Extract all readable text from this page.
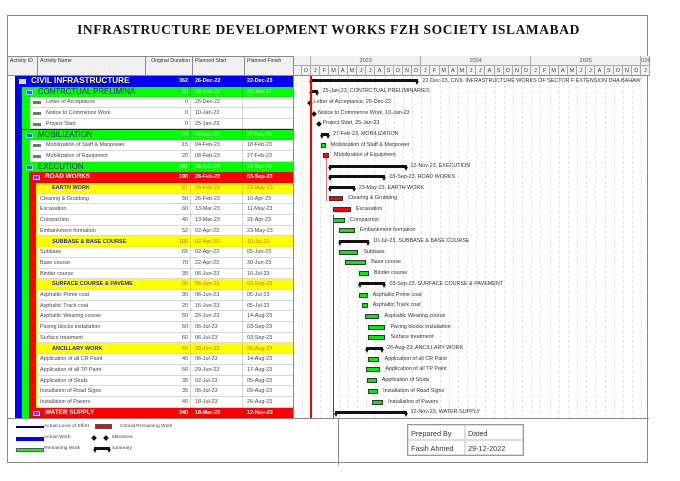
INFRASTRUCTURE DEVELOPMENT WORKS FZH SOCIETY ISLAMABAD
Activity ID	Activity Name	Original Duration Planned Start	Planned Finish
CIVIL INFRASTRUCTURE	362	26-Dec-22	22-Dec-23
CONTRCTUAL PRELIMINA	30	26-Dec-22	25-Jan-23
Letter of Acceptance	0	26-Dec-22
Notice to Commence Work	0	10-Jan-23
Project Start	0	25-Jan-23
MOBILIZATION	24	04-Feb-23	27-Feb-23
Mobilization of Staff & Manpower	15	04-Feb-23	18-Feb-23
Mobilization of Equipment	20	08-Feb-23	27-Feb-23
EXECUTION	260	26-Feb-23	12-Nov-23
ROAD WORKS	190	26-Feb-23	03-Sep-23
EARTH WORK	87	26-Feb-23	23-May-23
Clearing & Grubbing	50	26-Feb-23	16-Apr-23
Excavation	60	13-Mar-23	11-May-23
Compaction	40	13-Mar-23	21-Apr-23
Embankment formation	52	02-Apr-23	23-May-23
SUBBASE & BASE COURSE	100	02-Apr-23	10-Jul-23
Subbase	65	02-Apr-23	05-Jun-23
Base course	70	22-Apr-23	30-Jun-23
Binder course	35	06-Jun-23	10-Jul-23
SURFACE COURSE & PAVEME	90	06-Jun-23	03-Sep-23
Asphaltic Prime coat	30	06-Jun-23	05-Jul-23
Asphaltic Track coat	20	16-Jun-23	05-Jul-23
Asphaltic Wearing course	50	26-Jun-23	14-Aug-23
Paving blocks installation	60	06-Jul-23	03-Sep-23
Surface treatment	60	06-Jul-23	03-Sep-23
ANCILLARY WORK	59	29-Jun-23	26-Aug-23
Application of all CR Paint	40	06-Jul-23	14-Aug-23
Application of all TP Paint	50	29-Jun-23	17-Aug-23
Application of Studs	35	02-Jul-23	05-Aug-23
Installation of Road Signs	35	06-Jul-23	09-Aug-23
Installation of Pavers	40	18-Jul-23	26-Aug-23
WATER SUPPLY	240	18-Mar-23	12-Nov-23
2023	2024	2025	026
D	J	F M A M	J	J	A S O N D	J	F M A M	J	J	A	S O N D	J	F M A M	J	J	A	S O N D	J
22-Dec-23, CIVIL INFRASTRUCTURE WORKS OF SECTOR F EXTENSION DHA BAHAW
25-Jan-23, CONTRCTUAL PRELIMINARIES
Letter of Acceptance, 26-Dec-22
Notice to Commence Work, 10-Jan-23
Project Start, 25-Jan-23
27-Feb-23, MOBILIZATION
Mobilization of Staff & Manpower
Mobilization of Equipment
12-Nov-23, EXECUTION
03-Sep-23, ROAD WORKS
23-May-23, EARTH WORK
Clearing & Grubbing
Excavation
Compaction
Embankment formation
10-Jul-23, SUBBASE & BASE COURSE
Subbase
Base course
Binder course
03-Sep-23, SURFACE COURSE & PAVEMENT
Asphaltic Prime coat
Asphaltic Track coat
Asphaltic Wearing course
Paving blocks installation
Surface treatment
26-Aug-23, ANCILLARY WORK
Application of all CR Paint
Application of all TP Paint
Application of Studs
Installation of Road Signs
Installation of Pavers
12-Nov-23, WATER SUPPLY
Actual Level of Effort
Actual Work
Remaining Work
Critical Remaining Work
Milestone
summary
Prepared By	Dated
Fasih Ahmed	29-12-2022
